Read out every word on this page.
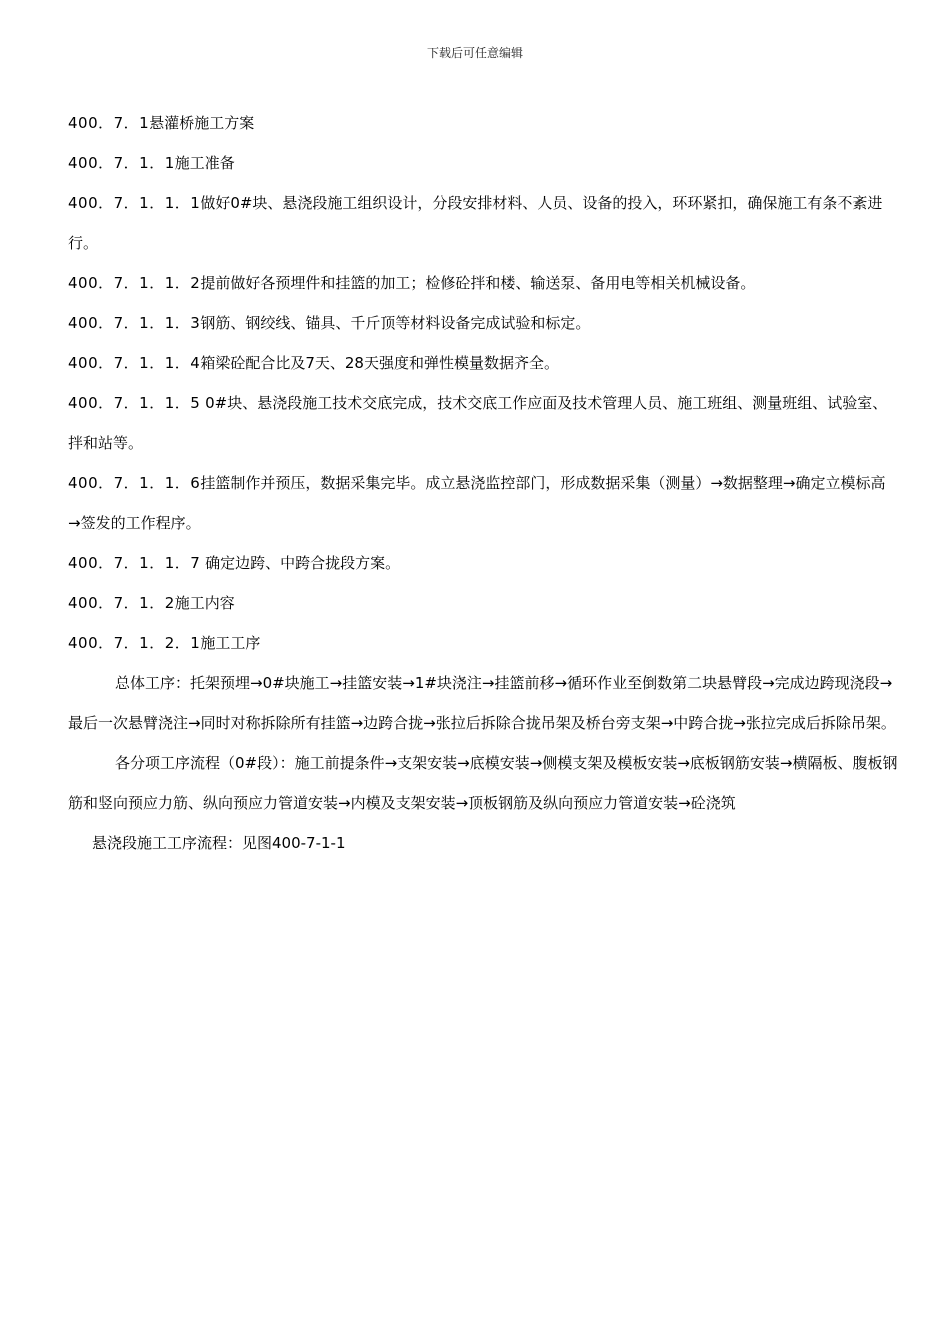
下载后可任意编辑

400．7．1悬灌桥施工方案

400．7．1．1施工准备

400．7．1．1．1做好0#块、悬浇段施工组织设计，分段安排材料、人员、设备的投入，环环紧扣，确保施工有条不紊进行。

400．7．1．1．2提前做好各预埋件和挂篮的加工；检修砼拌和楼、输送泵、备用电等相关机械设备。

400．7．1．1．3钢筋、钢绞线、锚具、千斤顶等材料设备完成试验和标定。

400．7．1．1．4箱梁砼配合比及7天、28天强度和弹性模量数据齐全。

400．7．1．1．5 0#块、悬浇段施工技术交底完成，技术交底工作应面及技术管理人员、施工班组、测量班组、试验室、拌和站等。

400．7．1．1．6挂篮制作并预压，数据采集完毕。成立悬浇监控部门，形成数据采集（测量）→数据整理→确定立模标高→签发的工作程序。

400．7．1．1．7 确定边跨、中跨合拢段方案。

400．7．1．2施工内容

400．7．1．2．1施工工序

总体工序：托架预埋→0#块施工→挂篮安装→1#块浇注→挂篮前移→循环作业至倒数第二块悬臂段→完成边跨现浇段→最后一次悬臂浇注→同时对称拆除所有挂篮→边跨合拢→张拉后拆除合拢吊架及桥台旁支架→中跨合拢→张拉完成后拆除吊架。

各分项工序流程（0#段）：施工前提条件→支架安装→底模安装→侧模支架及模板安装→底板钢筋安装→横隔板、腹板钢筋和竖向预应力筋、纵向预应力管道安装→内模及支架安装→顶板钢筋及纵向预应力管道安装→砼浇筑

悬浇段施工工序流程：见图400-7-1-1
